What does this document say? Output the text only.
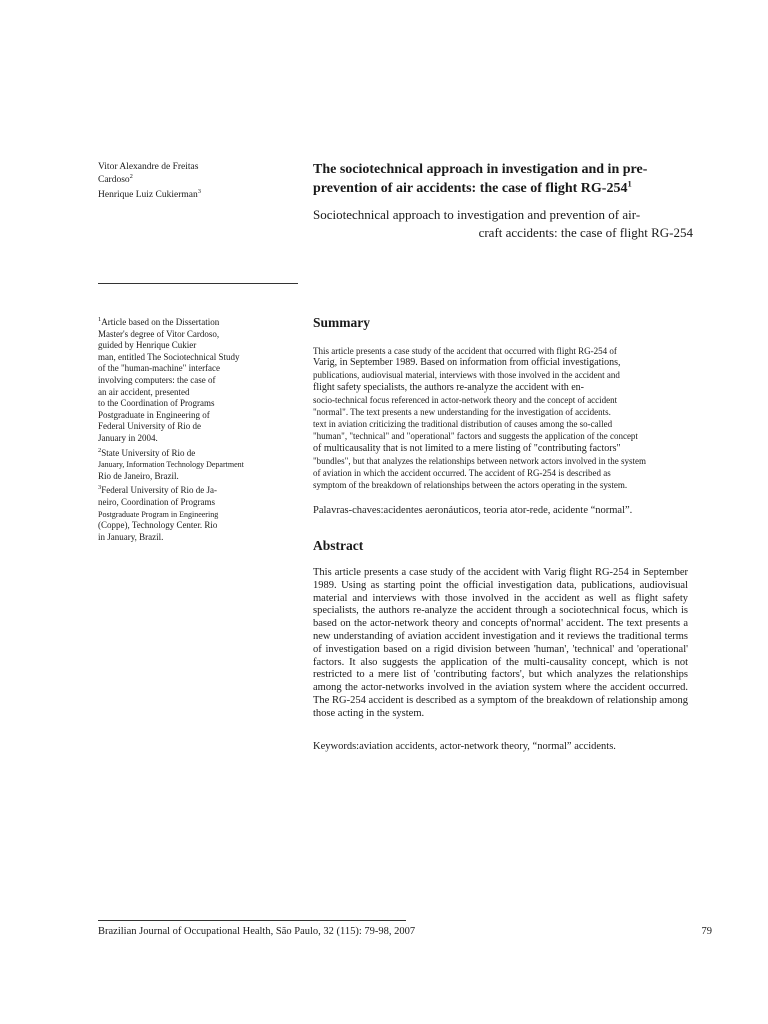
Vitor Alexandre de Freitas
Cardoso$^2$
Henrique Luiz Cukierman$^3$
The sociotechnical approach in investigation and in pre-
prevention of air accidents: the case of flight $RG-254^1$
Sociotechnical approach to investigation and prevention of air-
craft accidents: the case of flight RG-254
$^1$Article based on the Dissertation
Master's degree of Vitor Cardoso,
guided by Henrique Cukier
man, entitled The Sociotechnical Study
of the "human-machine" interface
involving computers: the case of
an air accident, presented
to the Coordination of Programs
Postgraduate in Engineering of
Federal University of Rio de
January in 2004.
$^2$State University of Rio de
January, Information Technology Department
Rio de Janeiro, Brazil.
$^3$Federal University of Rio de Ja-
neiro, Coordination of Programs
Postgraduate Program in Engineering
(Coppe), Technology Center. Rio
in January, Brazil.
Summary
This article presents a case study of the accident that occurred with flight RG-254 of
Varig, in September 1989. Based on information from official investigations,
publications, audiovisual material, interviews with those involved in the accident and
flight safety specialists, the authors re-analyze the accident with en-
socio-technical focus referenced in actor-network theory and the concept of accident
"normal". The text presents a new understanding for the investigation of accidents.
text in aviation criticizing the traditional distribution of causes among the so-called
"human", "technical" and "operational" factors and suggests the application of the concept
of multicausality that is not limited to a mere listing of "contributing factors"
"bundles", but that analyzes the relationships between network actors involved in the system
of aviation in which the accident occurred. The accident of RG-254 is described as
symptom of the breakdown of relationships between the actors operating in the system.
Palavras-chaves:acidentes aeronáuticos, teoria ator-rede, acidente “normal”.
Abstract
This article presents a case study of the accident with Varig flight RG-254 in September 1989. Using as starting point the official investigation data, publications, audiovisual material and interviews with those involved in the accident as well as flight safety specialists, the authors re-analyze the accident through a sociotechnical focus, which is based on the actor-network theory and concepts of'normal' accident. The text presents a new understanding of aviation accident investigation and it reviews the traditional terms of investigation based on a rigid division between 'human', 'technical' and 'operational' factors. It also suggests the application of the multi-causality concept, which is not restricted to a mere list of 'contributing factors', but which analyzes the relationships among the actor-networks involved in the aviation system where the accident occurred. The RG-254 accident is described as a symptom of the breakdown of relationship among those acting in the system.
Keywords:aviation accidents, actor-network theory, “normal” accidents.
Brazilian Journal of Occupational Health, São Paulo, 32 (115): 79-98, 2007	79
